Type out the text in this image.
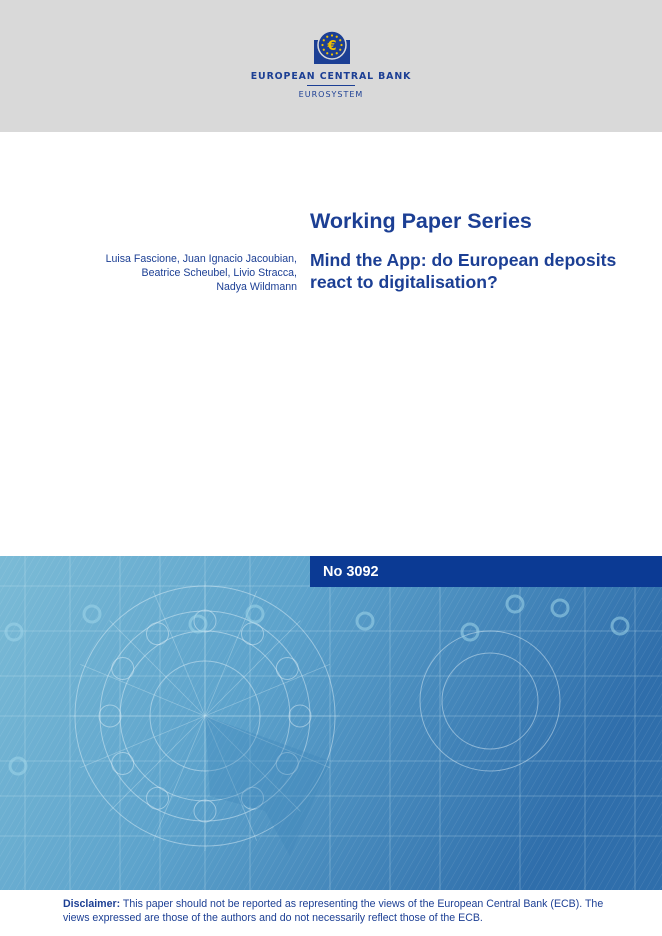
€
EUROPEAN CENTRAL BANK
EUROSYSTEM
Working Paper Series
Luisa Fascione, Juan Ignacio Jacoubian,
Beatrice Scheubel, Livio Stracca,
Nadya Wildmann
Mind the App: do European deposits
react to digitalisation?
No 3092
Disclaimer: This paper should not be reported as representing the views of the European Central Bank (ECB). The views expressed are those of the authors and do not necessarily reflect those of the ECB.
